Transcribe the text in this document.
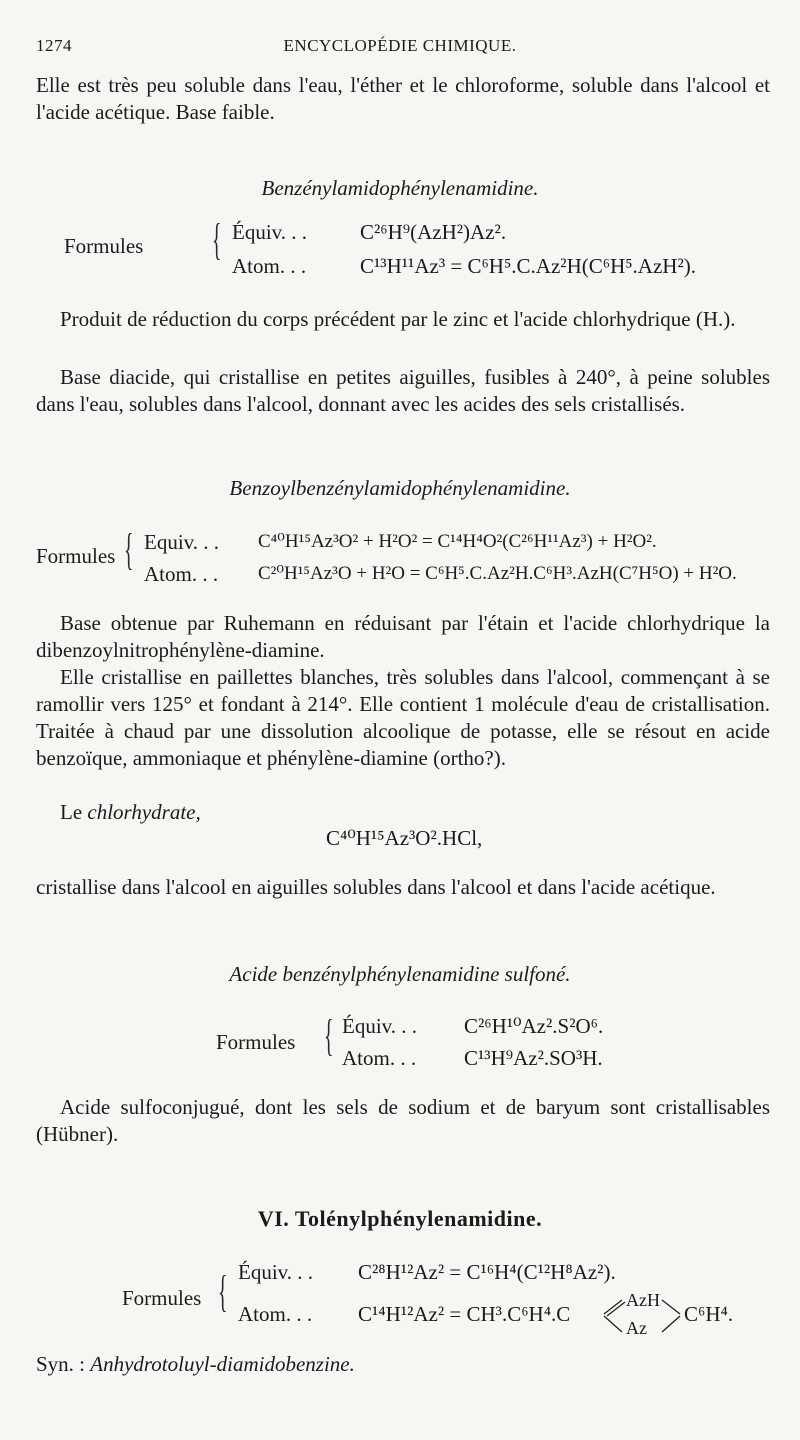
1274	ENCYCLOPÉDIE CHIMIQUE.

Elle est très peu soluble dans l'eau, l'éther et le chloroforme, soluble dans l'alcool et l'acide acétique. Base faible.

Benzénylamidophénylenamidine.
Formules { Équiv. . .	C²⁶H⁹(AzH²)Az².
Atom. . .	C¹³H¹¹Az³ = C⁶H⁵.C.Az²H(C⁶H⁵.AzH²).

Produit de réduction du corps précédent par le zinc et l'acide chlorhydrique (H.).

Base diacide, qui cristallise en petites aiguilles, fusibles à 240°, à peine solubles dans l'eau, solubles dans l'alcool, donnant avec les acides des sels cristallisés.

Benzoylbenzénylamidophénylenamidine.
Formules { Equiv. . . C⁴⁰H¹⁵Az³O² + H²O² = C¹⁴H⁴O²(C²⁶H¹¹Az³) + H²O².
Atom. . . C²⁰H¹⁵Az³O + H²O = C⁶H⁵.C.Az²H.C⁶H³.AzH(C⁷H⁵O) + H²O.

Base obtenue par Ruhemann en réduisant par l'étain et l'acide chlorhydrique la dibenzoylnitrophénylène-diamine.

Elle cristallise en paillettes blanches, très solubles dans l'alcool, commençant à se ramollir vers 125° et fondant à 214°. Elle contient 1 molécule d'eau de cristallisation. Traitée à chaud par une dissolution alcoolique de potasse, elle se résout en acide benzoïque, ammoniaque et phénylène-diamine (ortho?).

Le chlorhydrate,
C⁴⁰H¹⁵Az³O².HCl,

cristallise dans l'alcool en aiguilles solubles dans l'alcool et dans l'acide acétique.

Acide benzénylphénylenamidine sulfoné.
Formules { Équiv. . . C²⁶H¹⁰Az².S²O⁶.
Atom. . . C¹³H⁹Az².SO³H.

Acide sulfoconjugué, dont les sels de sodium et de baryum sont cristallisables (Hübner).

VI. Tolénylphénylenamidine.
Formules { Équiv. . . C²⁸H¹²Az² = C¹⁶H⁴(C¹²H⁸Az²).
Atom. . . C¹⁴H¹²Az² = CH³.C⁶H⁴.C
AzH
Az
C⁶H⁴.
Syn. : Anhydrotoluyl-diamidobenzine.
